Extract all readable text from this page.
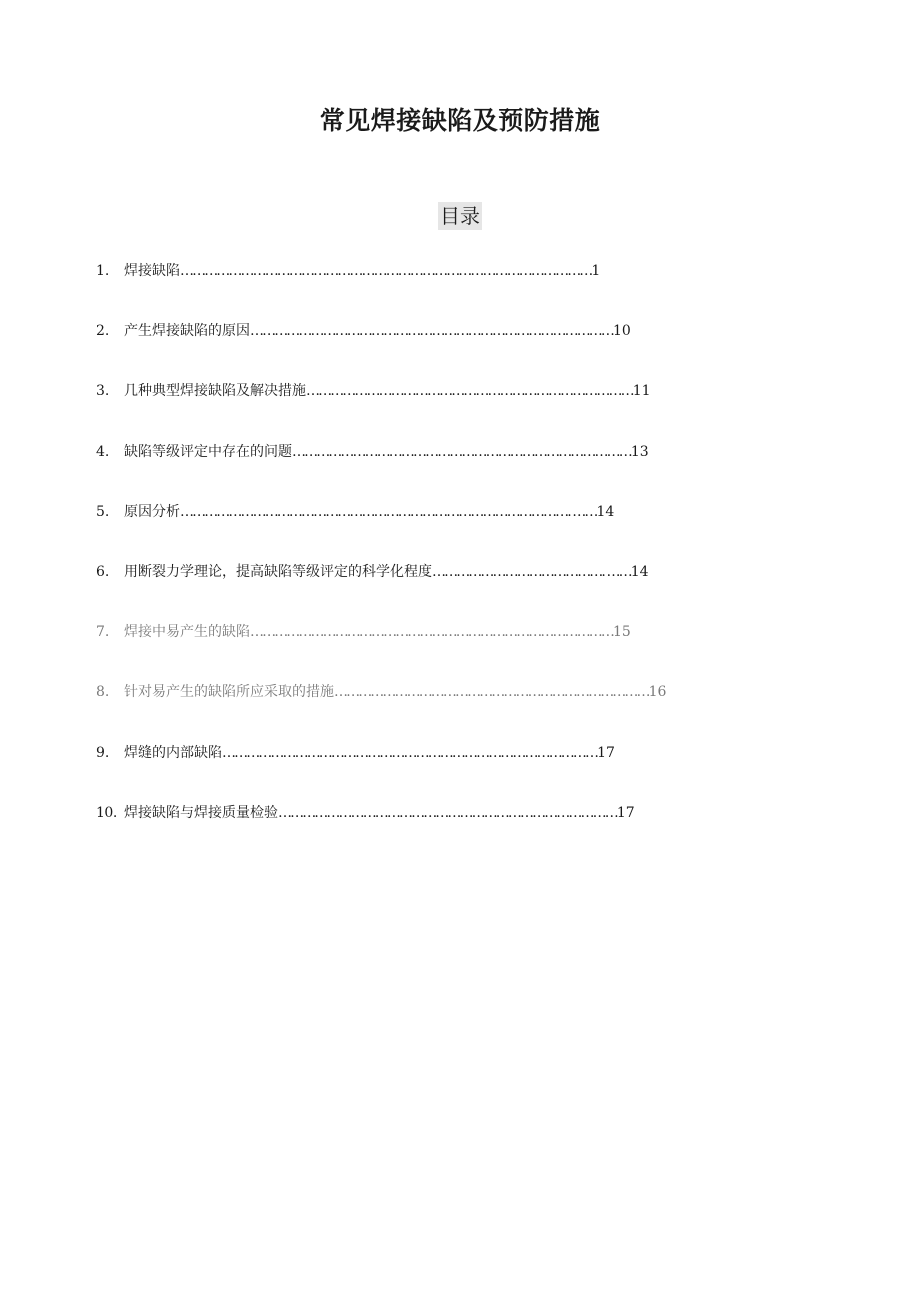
常见焊接缺陷及预防措施
目录
1. 焊接缺陷…………………………………………………………………………………………1
2. 产生焊接缺陷的原因………………………………………………………………………………10
3. 几种典型焊接缺陷及解决措施………………………………………………………………………11
4. 缺陷等级评定中存在的问题…………………………………………………………………………13
5. 原因分析……………………………………………………………………………………. ……14
6. 用断裂力学理论，提高缺陷等级评定的科学化程度……………………………………. ……14
7. 焊接中易产生的缺陷………………………………………………………………………………15
8. 针对易产生的缺陷所应采取的措施……………………………………………………………………16
9. 焊缝的内部缺陷…………………………………………………………………………………17
10. 焊接缺陷与焊接质量检验…………………………………………………………………………17
